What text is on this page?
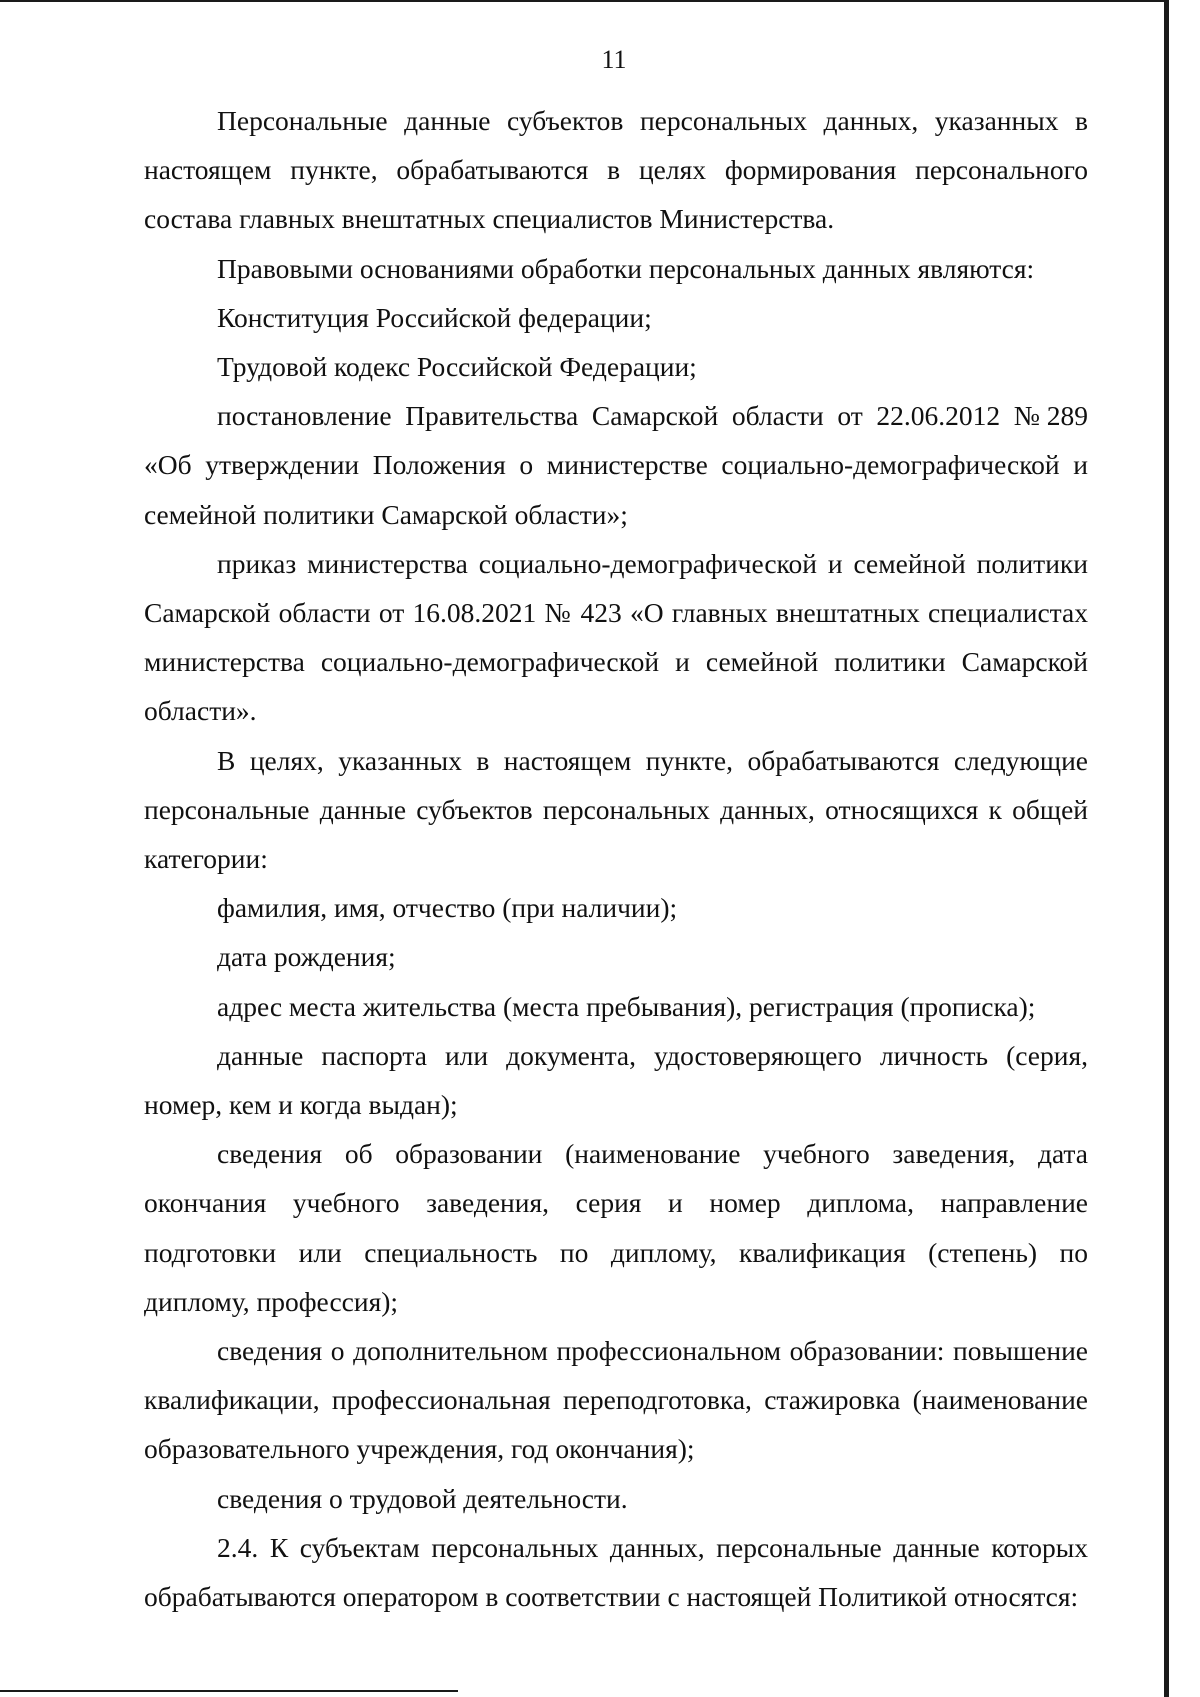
11

Персональные данные субъектов персональных данных, указанных в настоящем пункте, обрабатываются в целях формирования персонального состава главных внештатных специалистов Министерства.

Правовыми основаниями обработки персональных данных являются:

Конституция Российской федерации;

Трудовой кодекс Российской Федерации;

постановление Правительства Самарской области от 22.06.2012 №289 «Об утверждении Положения о министерстве социально-демографической и семейной политики Самарской области»;

приказ министерства социально-демографической и семейной политики Самарской области от 16.08.2021 № 423 «О главных внештатных специалистах министерства социально-демографической и семейной политики Самарской области».

В целях, указанных в настоящем пункте, обрабатываются следующие персональные данные субъектов персональных данных, относящихся к общей категории:

фамилия, имя, отчество (при наличии);

дата рождения;

адрес места жительства (места пребывания), регистрация (прописка);

данные паспорта или документа, удостоверяющего личность (серия, номер, кем и когда выдан);

сведения об образовании (наименование учебного заведения, дата окончания учебного заведения, серия и номер диплома, направление подготовки или специальность по диплому, квалификация (степень) по диплому, профессия);

сведения о дополнительном профессиональном образовании: повышение квалификации, профессиональная переподготовка, стажировка (наименование образовательного учреждения, год окончания);

сведения о трудовой деятельности.

2.4. К субъектам персональных данных, персональные данные которых обрабатываются оператором в соответствии с настоящей Политикой относятся:
